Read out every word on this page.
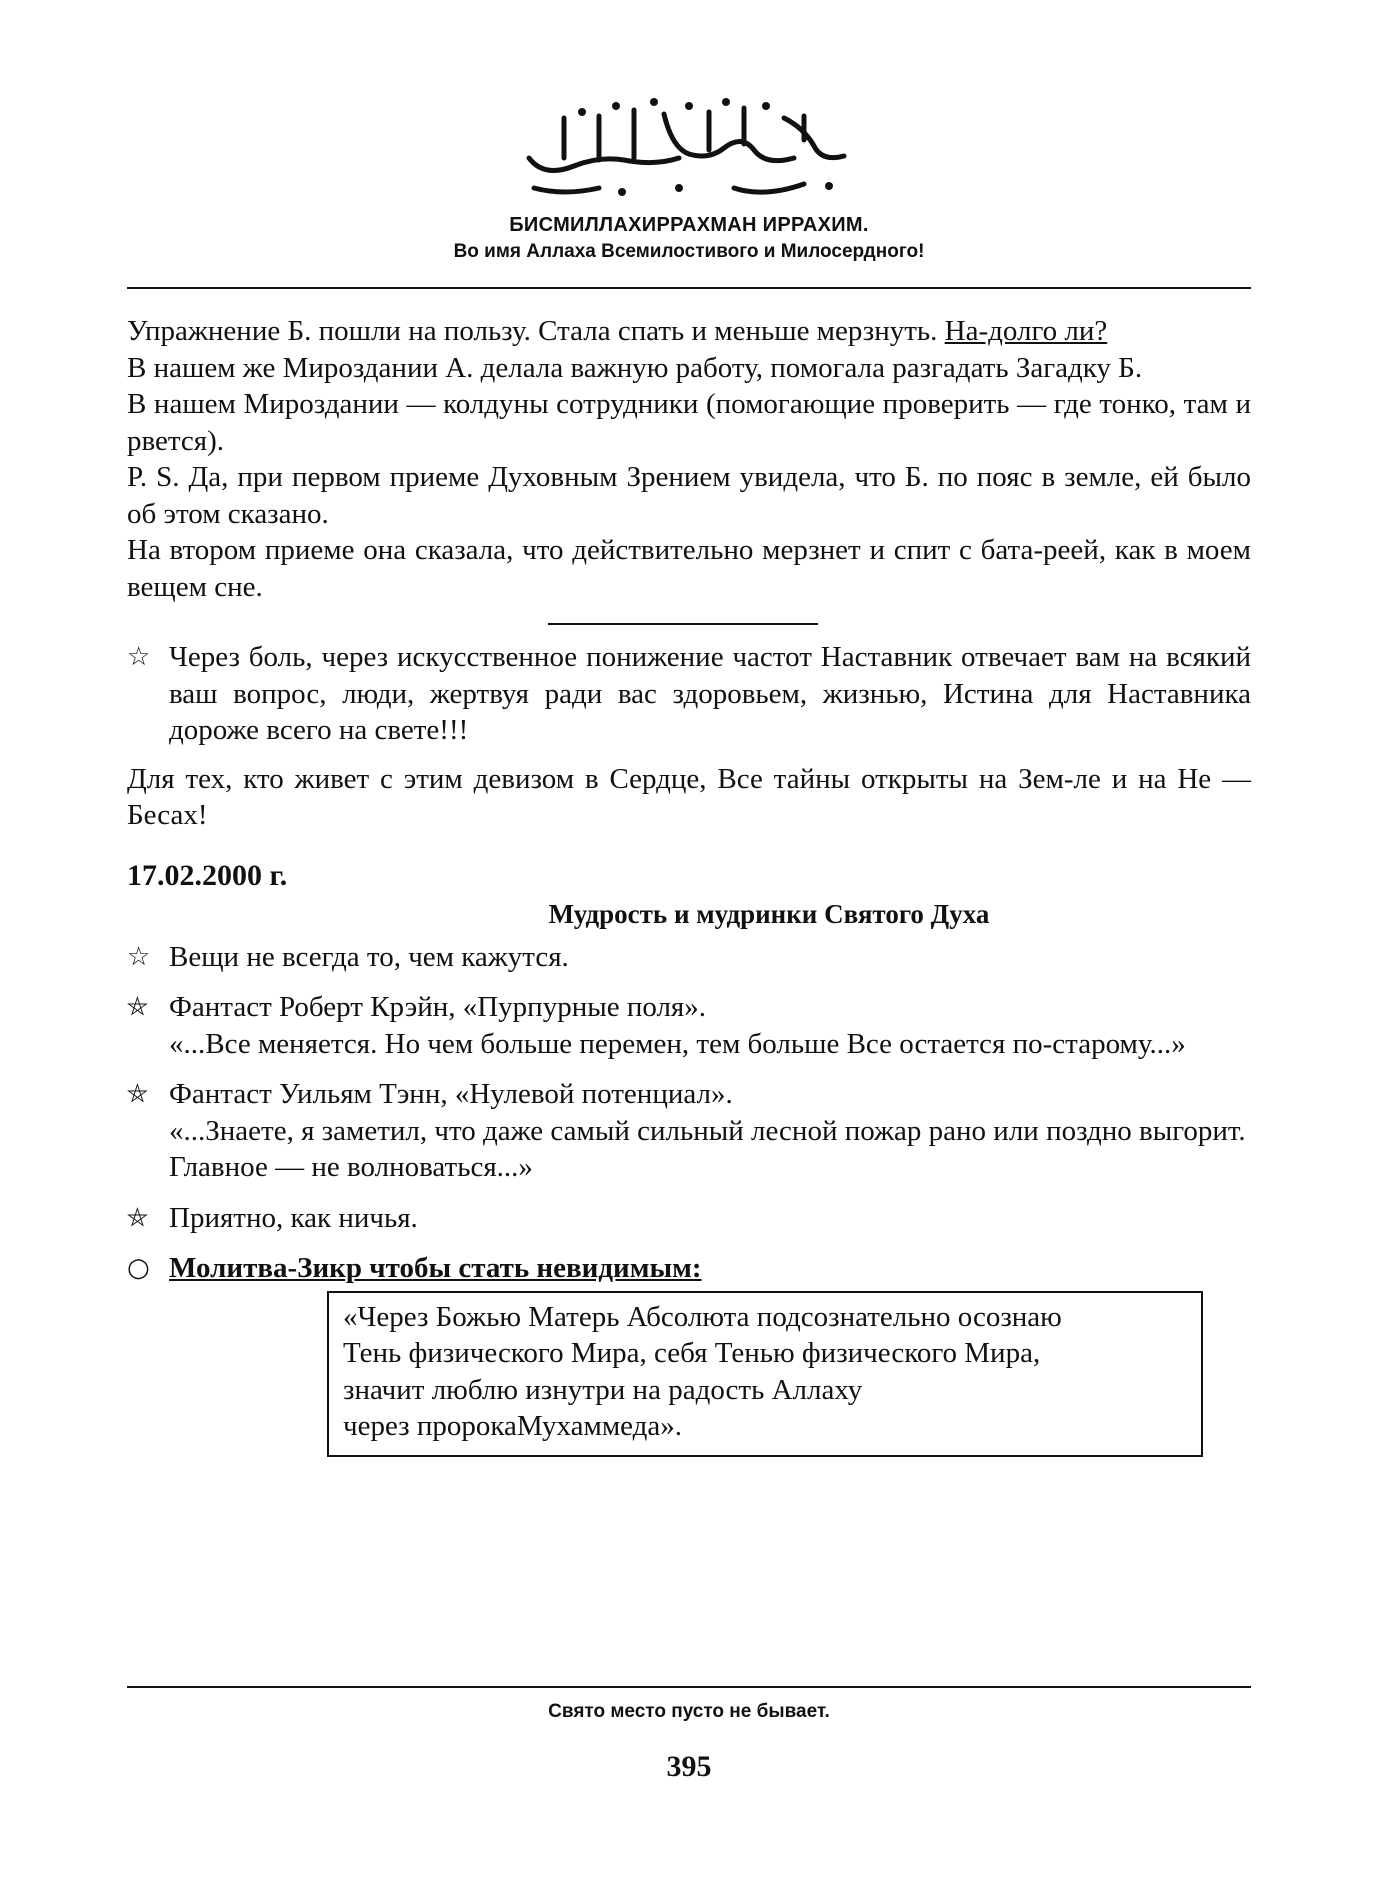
БИСМИЛЛАХИРРАХМАН ИРРАХИМ.
Во имя Аллаха Всемилостивого и Милосердного!

Упражнение Б. пошли на пользу. Стала спать и меньше мерзнуть. На-долго ли?

В нашем же Мироздании А. делала важную работу, помогала разгадать Загадку Б.

В нашем Мироздании — колдуны сотрудники (помогающие проверить — где тонко, там и рвется).

P. S. Да, при первом приеме Духовным Зрением увидела, что Б. по пояс в земле, ей было об этом сказано.

На втором приеме она сказала, что действительно мерзнет и спит с бата-реей, как в моем вещем сне.

☆ Через боль, через искусственное понижение частот Наставник отвечает вам на всякий ваш вопрос, люди, жертвуя ради вас здоровьем, жизнью, Истина для Наставника дороже всего на свете!!!

Для тех, кто живет с этим девизом в Сердце, Все тайны открыты на Зем-ле и на Не — Бесах!

17.02.2000 г.
Мудрость и мудринки Святого Духа
☆ Вещи не всегда то, чем кажутся.

⛤ Фантаст Роберт Крэйн, «Пурпурные поля».

«...Все меняется. Но чем больше перемен, тем больше Все остается по-старому...»

⛤ Фантаст Уильям Тэнн, «Нулевой потенциал».

«...Знаете, я заметил, что даже самый сильный лесной пожар рано или поздно выгорит.

Главное — не волноваться...»

⛤ Приятно, как ничья.

○ Молитва-Зикр чтобы стать невидимым:
«Через Божью Матерь Абсолюта подсознательно осознаю
Тень физического Мира, себя Тенью физического Мира,
значит люблю изнутри на радость Аллаху
через пророкаМухаммеда».
Свято место пусто не бывает.
395
